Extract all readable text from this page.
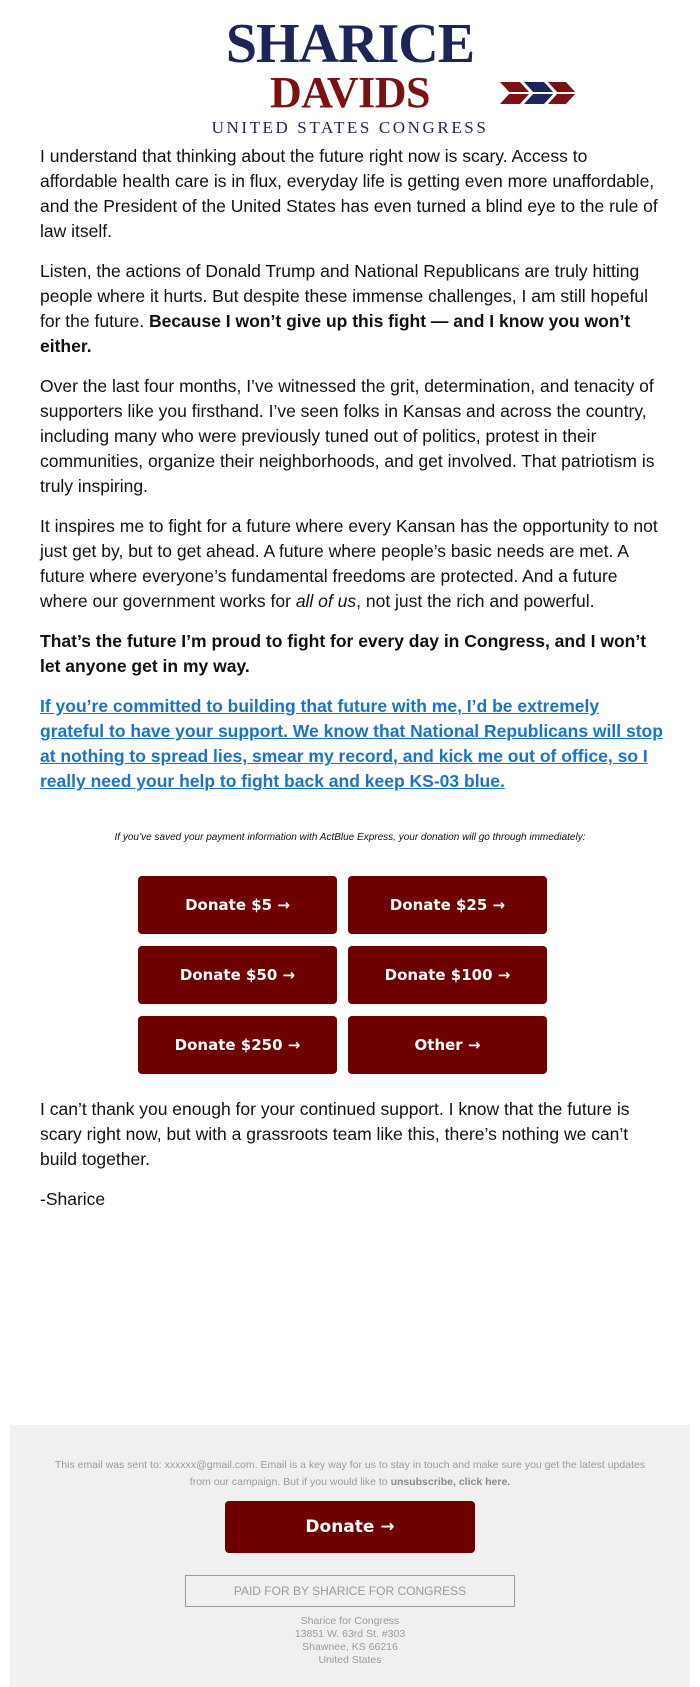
SHARICE
DAVIDS
UNITED STATES CONGRESS

I understand that thinking about the future right now is scary. Access to affordable health care is in flux, everyday life is getting even more unaffordable, and the President of the United States has even turned a blind eye to the rule of law itself.

Listen, the actions of Donald Trump and National Republicans are truly hitting people where it hurts. But despite these immense challenges, I am still hopeful for the future. Because I won’t give up this fight — and I know you won’t either.

Over the last four months, I’ve witnessed the grit, determination, and tenacity of supporters like you firsthand. I’ve seen folks in Kansas and across the country, including many who were previously tuned out of politics, protest in their communities, organize their neighborhoods, and get involved. That patriotism is truly inspiring.

It inspires me to fight for a future where every Kansan has the opportunity to not just get by, but to get ahead. A future where people’s basic needs are met. A future where everyone’s fundamental freedoms are protected. And a future where our government works for all of us, not just the rich and powerful.

That’s the future I’m proud to fight for every day in Congress, and I won’t let anyone get in my way.

If you’re committed to building that future with me, I’d be extremely grateful to have your support. We know that National Republicans will stop at nothing to spread lies, smear my record, and kick me out of office, so I really need your help to fight back and keep KS-03 blue.

If you’ve saved your payment information with ActBlue Express, your donation will go through immediately:
Donate $5 →	Donate $25 →
Donate $50 →	Donate $100 →
Donate $250 →	Other →

I can’t thank you enough for your continued support. I know that the future is scary right now, but with a grassroots team like this, there’s nothing we can’t build together.

-Sharice

This email was sent to: xxxxxx@gmail.com. Email is a key way for us to stay in touch and make sure you get the latest updates from our campaign. But if you would like to unsubscribe, click here.
Donate →
PAID FOR BY SHARICE FOR CONGRESS
Sharice for Congress
13851 W. 63rd St. #303
Shawnee, KS 66216
United States
